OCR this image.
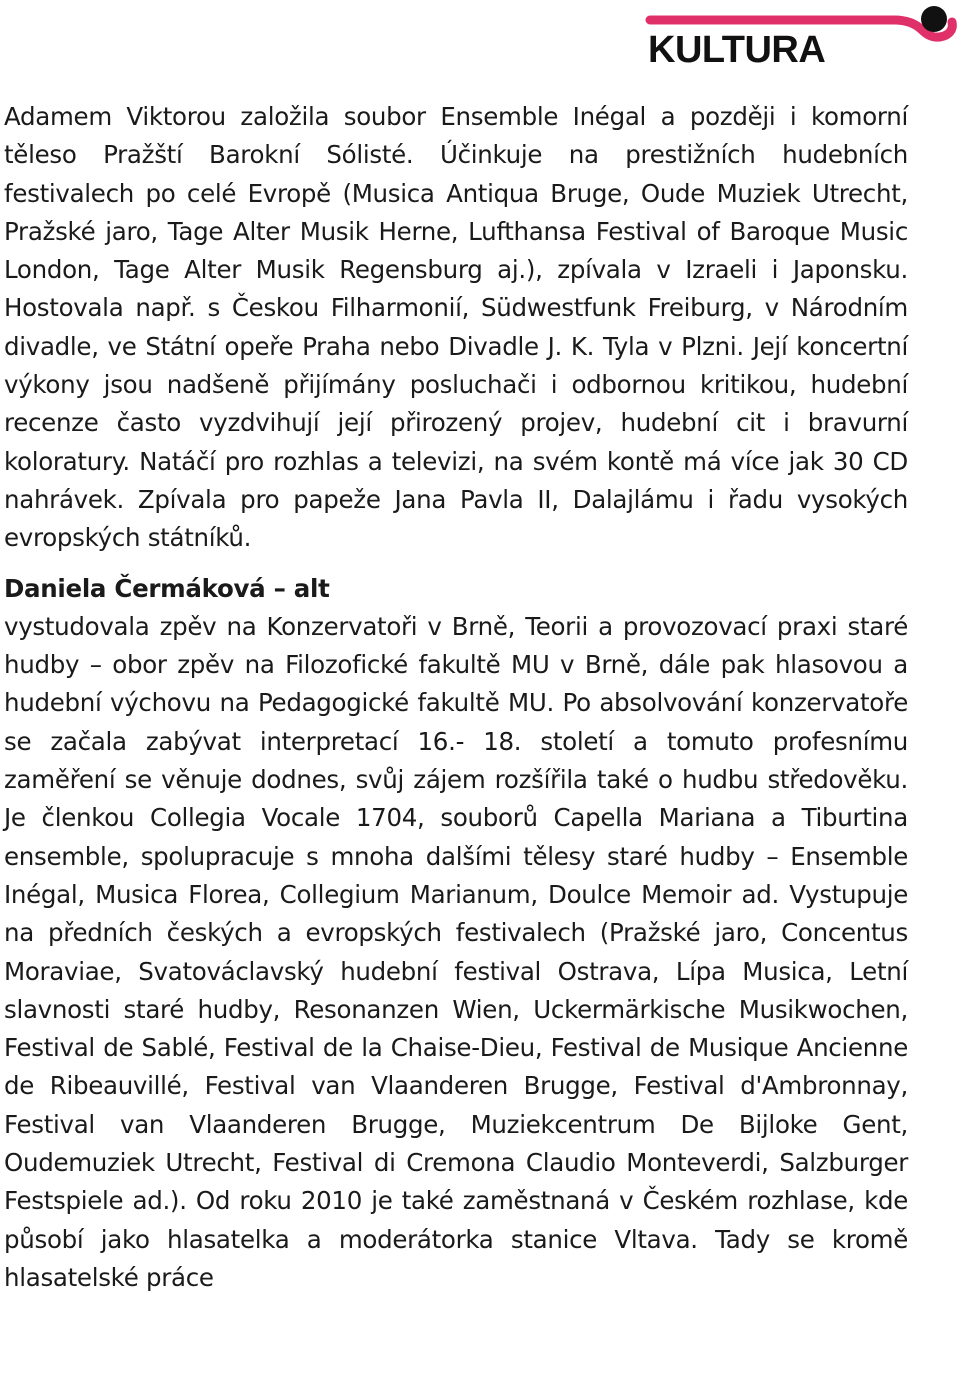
KULTURA

Adamem Viktorou založila soubor Ensemble Inégal a později i komorní těleso Pražští Barokní Sólisté. Účinkuje na prestižních hudebních festivalech po celé Evropě (Musica Antiqua Bruge, Oude Muziek Utrecht, Pražské jaro, Tage Alter Musik Herne, Lufthansa Festival of Baroque Music London, Tage Alter Musik Regensburg aj.), zpívala v Izraeli i Japonsku. Hostovala např. s Českou Filharmonií, Südwestfunk Freiburg, v Národním divadle, ve Státní opeře Praha nebo Divadle J. K. Tyla v Plzni. Její koncertní výkony jsou nadšeně přijímány posluchači i odbornou kritikou, hudební recenze často vyzdvihují její přirozený projev, hudební cit i bravurní koloratury. Natáčí pro rozhlas a televizi, na svém kontě má více jak 30 CD nahrávek. Zpívala pro papeže Jana Pavla II, Dalajlámu i řadu vysokých evropských státníků.

Daniela Čermáková – alt

vystudovala zpěv na Konzervatoři v Brně, Teorii a provozovací praxi staré hudby – obor zpěv na Filozofické fakultě MU v Brně, dále pak hlasovou a hudební výchovu na Pedagogické fakultě MU. Po absolvování konzervatoře se začala zabývat interpretací 16.- 18. století a tomuto profesnímu zaměření se věnuje dodnes, svůj zájem rozšířila také o hudbu středověku. Je členkou Collegia Vocale 1704, souborů Capella Mariana a Tiburtina ensemble, spolupracuje s mnoha dalšími tělesy staré hudby – Ensemble Inégal, Musica Florea, Collegium Marianum, Doulce Memoir ad. Vystupuje na předních českých a evropských festivalech (Pražské jaro, Concentus Moraviae, Svatováclavský hudební festival Ostrava, Lípa Musica, Letní slavnosti staré hudby, Resonanzen Wien, Uckermärkische Musikwochen, Festival de Sablé, Festival de la Chaise-Dieu, Festival de Musique Ancienne de Ribeauvillé, Festival van Vlaanderen Brugge, Festival d'Ambronnay, Festival van Vlaanderen Brugge, Muziekcentrum De Bijloke Gent, Oudemuziek Utrecht, Festival di Cremona Claudio Monteverdi, Salzburger Festspiele ad.). Od roku 2010 je také zaměstnaná v Českém rozhlase, kde působí jako hlasatelka a moderátorka stanice Vltava. Tady se kromě hlasatelské práce
